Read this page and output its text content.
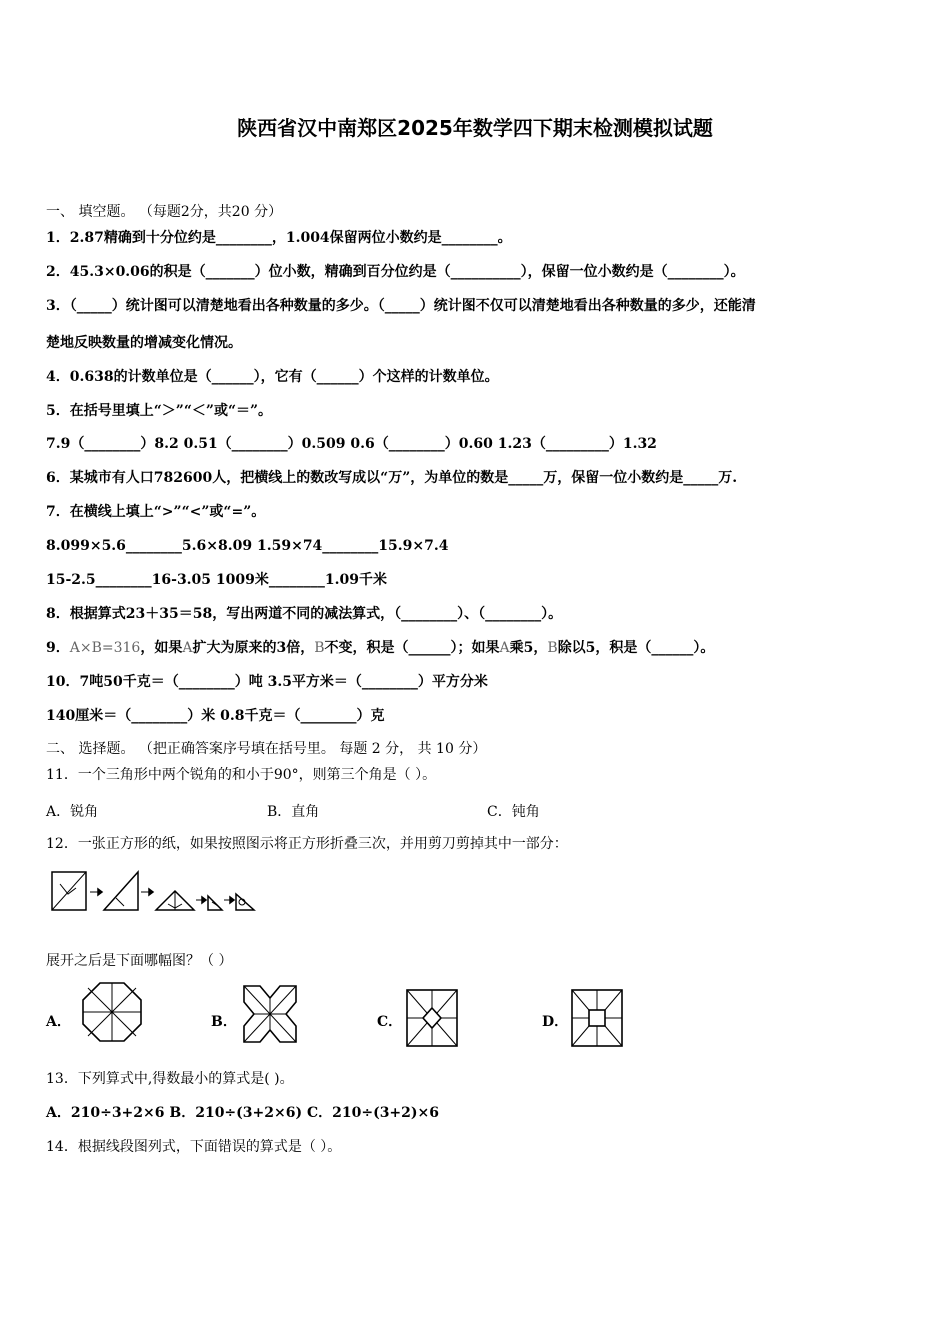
陕西省汉中南郑区2025年数学四下期末检测模拟试题
一、 填空题。 （每题2分，共20 分）
1．2.87精确到十分位约是________，1.004保留两位小数约是________。
2．45.3×0.06的积是（_______）位小数，精确到百分位约是（__________），保留一位小数约是（________）。
3．（_____）统计图可以清楚地看出各种数量的多少。（_____）统计图不仅可以清楚地看出各种数量的多少，还能清
楚地反映数量的增减变化情况。
4．0.638的计数单位是（______），它有（______）个这样的计数单位。
5．在括号里填上“＞”“＜”或“＝”。
7.9（________）8.2 0.51（________）0.509 0.6（________）0.60 1.23（_________）1.32
6．某城市有人口782600人，把横线上的数改写成以“万”，为单位的数是_____万，保留一位小数约是_____万.
7．在横线上填上“>”“<”或“=”。
8.099×5.6________5.6×8.09 1.59×74________15.9×7.4
15-2.5________16-3.05 1009米________1.09千米
8．根据算式23＋35＝58，写出两道不同的减法算式，（________）、（________）。
9．A×B=316，如果A扩大为原来的3倍，B不变，积是（______）；如果A乘5，B除以5，积是（______）。
10．7吨50千克＝（________）吨 3.5平方米＝（________）平方分米
140厘米＝（________）米 0.8千克＝（________）克
二、 选择题。 （把正确答案序号填在括号里。 每题 2 分， 共 10 分）
11．一个三角形中两个锐角的和小于90°，则第三个角是（ ）。
A．锐角	B．直角	C．钝角
12．一张正方形的纸，如果按照图示将正方形折叠三次，并用剪刀剪掉其中一部分：
展开之后是下面哪幅图？（ ）
A．	B．	C．	D．
13．下列算式中,得数最小的算式是( )。
A．210÷3+2×6 B．210÷(3+2×6) C．210÷(3+2)×6
14．根据线段图列式，下面错误的算式是（ ）。
